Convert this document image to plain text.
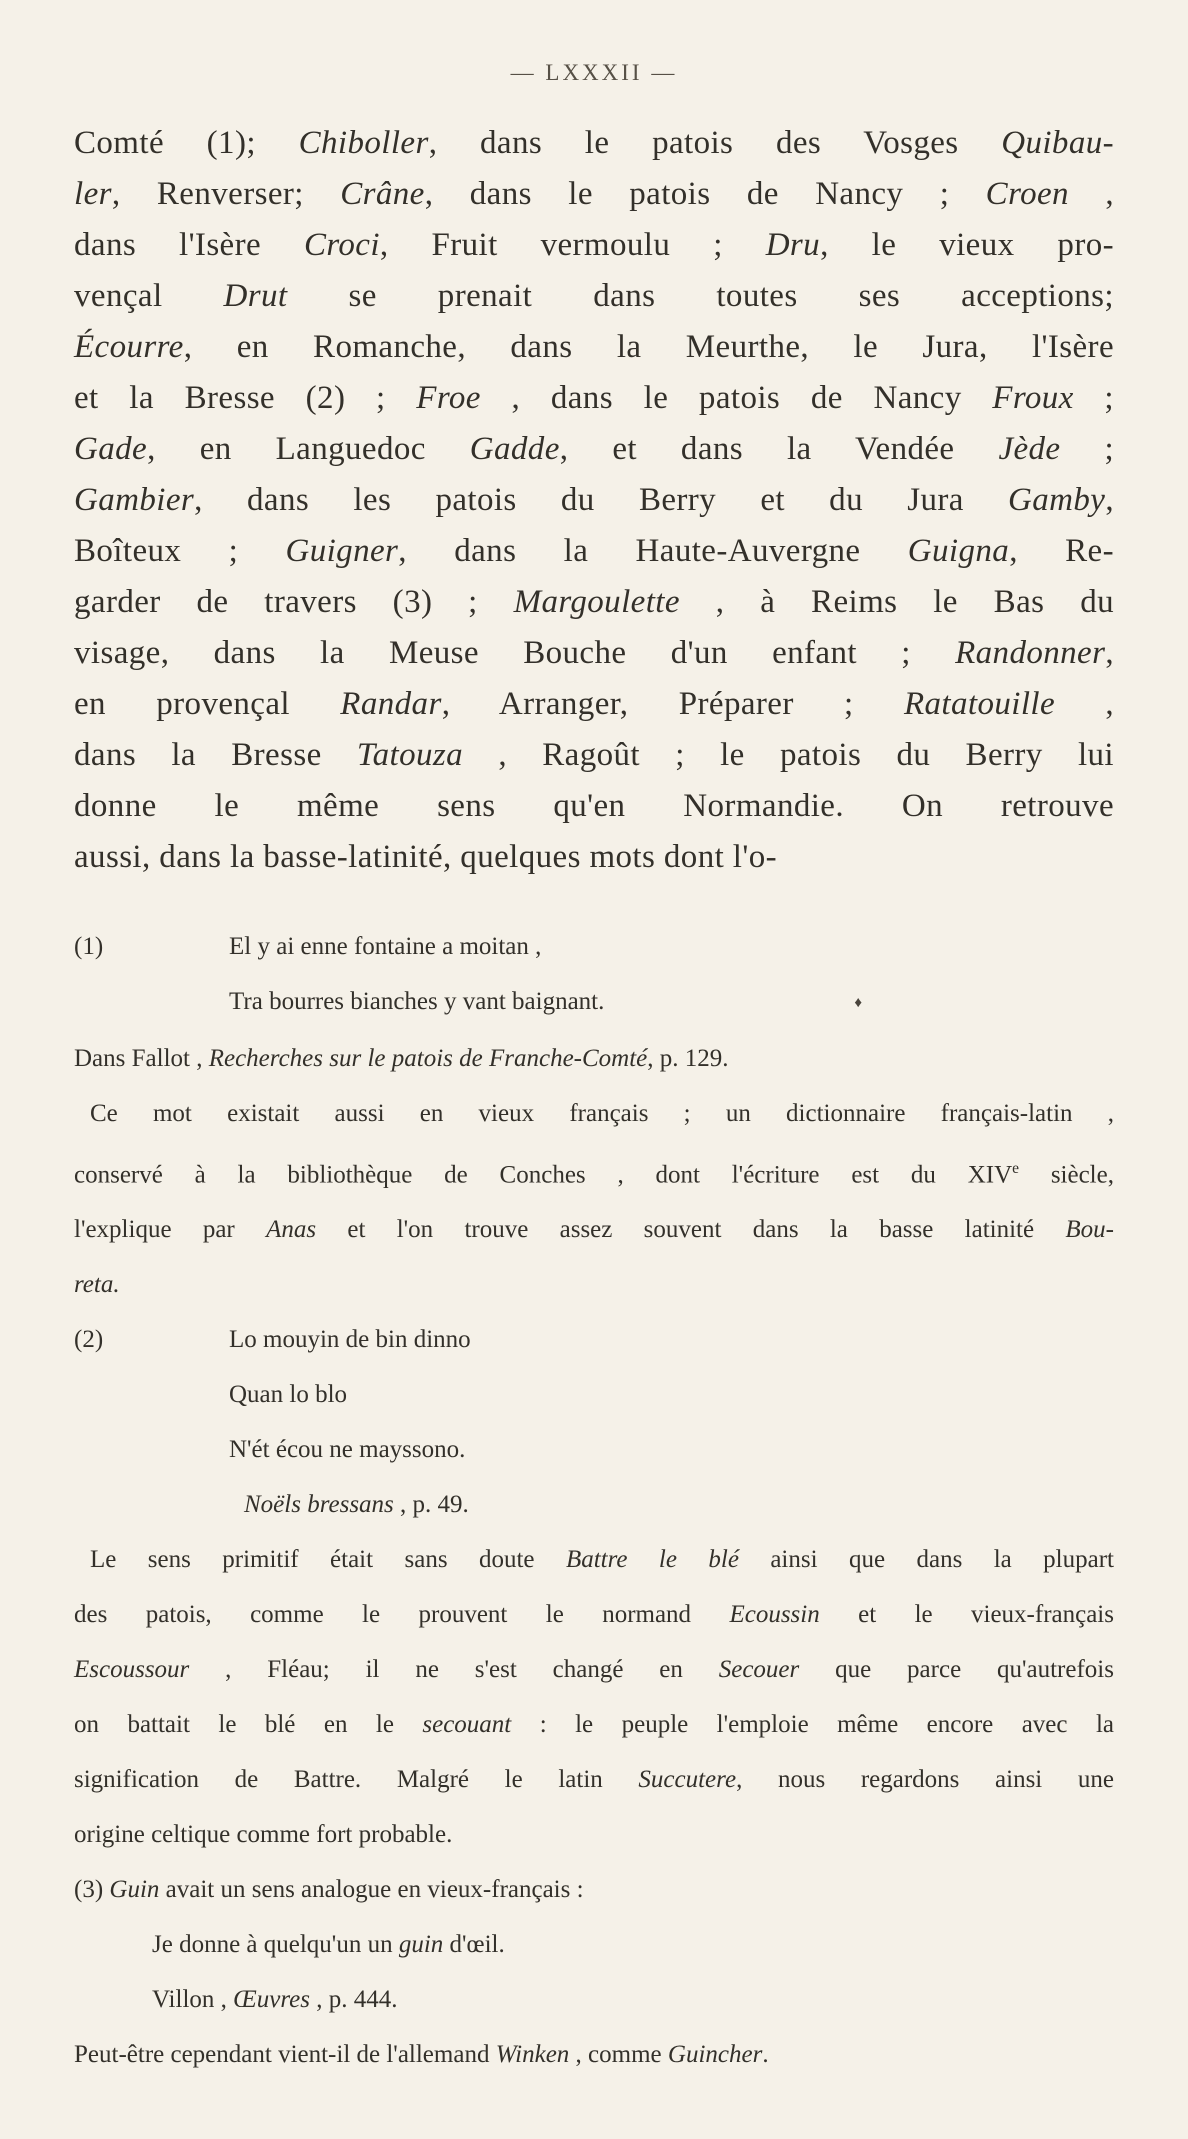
— LXXXII —
Comté (1); Chiboller, dans le patois des Vosges Quibau-
ler, Renverser; Crâne, dans le patois de Nancy ; Croen ,
dans l'Isère Croci, Fruit vermoulu ; Dru, le vieux pro-
vençal Drut se prenait dans toutes ses acceptions;
Écourre, en Romanche, dans la Meurthe, le Jura, l'Isère
et la Bresse (2) ; Froe , dans le patois de Nancy Froux ;
Gade, en Languedoc Gadde, et dans la Vendée Jède ;
Gambier, dans les patois du Berry et du Jura Gamby,
Boîteux ; Guigner, dans la Haute-Auvergne Guigna, Re-
garder de travers (3) ; Margoulette , à Reims le Bas du
visage, dans la Meuse Bouche d'un enfant ; Randonner,
en provençal Randar, Arranger, Préparer ; Ratatouille ,
dans la Bresse Tatouza , Ragoût ; le patois du Berry lui
donne le même sens qu'en Normandie. On retrouve
aussi, dans la basse-latinité, quelques mots dont l'o-
(1)	El y ai enne fontaine a moitan ,
Tra bourres bianches y vant baignant.	♦
Dans Fallot , Recherches sur le patois de Franche-Comté, p. 129.
Ce mot existait aussi en vieux français ; un dictionnaire français-latin ,
conservé à la bibliothèque de Conches , dont l'écriture est du XIVe siècle,
l'explique par Anas et l'on trouve assez souvent dans la basse latinité Bou-
reta.
(2)	Lo mouyin de bin dinno
Quan lo blo
N'ét écou ne mayssono.
Noëls bressans , p. 49.
Le sens primitif était sans doute Battre le blé ainsi que dans la plupart
des patois, comme le prouvent le normand Ecoussin et le vieux-français
Escoussour , Fléau; il ne s'est changé en Secouer que parce qu'autrefois
on battait le blé en le secouant : le peuple l'emploie même encore avec la
signification de Battre. Malgré le latin Succutere, nous regardons ainsi une
origine celtique comme fort probable.
(3) Guin avait un sens analogue en vieux-français :
Je donne à quelqu'un un guin d'œil.
Villon , Œuvres , p. 444.
Peut-être cependant vient-il de l'allemand Winken , comme Guincher.
